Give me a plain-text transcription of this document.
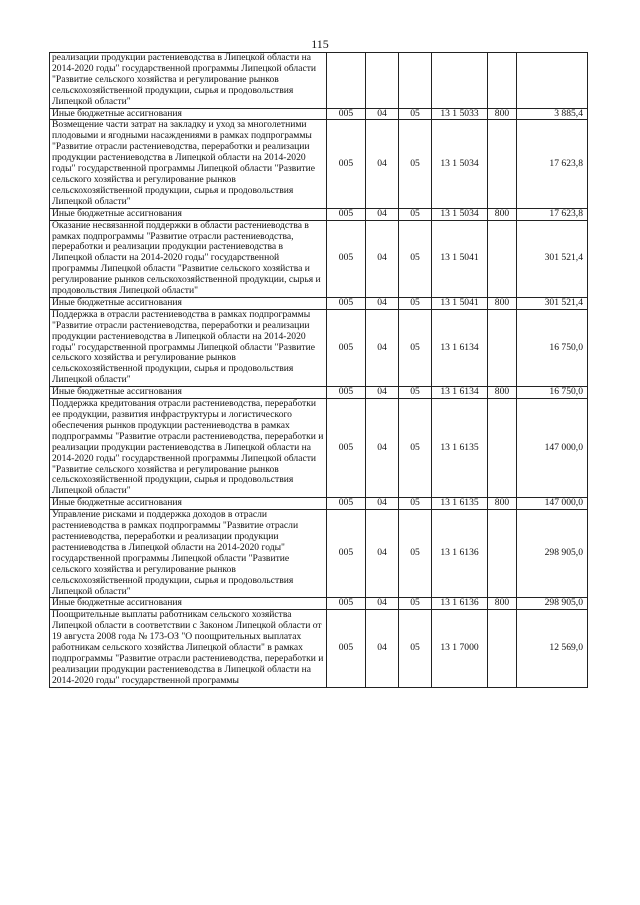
115
реализации продукции растениеводства в Липецкой области на 2014-2020 годы" государственной программы Липецкой области "Развитие сельского хозяйства и регулирование рынков сельскохозяйственной продукции, сырья и продовольствия Липецкой области"						
Иные бюджетные ассигнования	005	04	05	13 1 5033	800	3 885,4
Возмещение части затрат на закладку и уход за многолетними плодовыми и ягодными насаждениями в рамках подпрограммы "Развитие отрасли растениеводства, переработки и реализации продукции растениеводства в Липецкой области на 2014-2020 годы" государственной программы Липецкой области "Развитие сельского хозяйства и регулирование рынков сельскохозяйственной продукции, сырья и продовольствия Липецкой области"	005	04	05	13 1 5034		17 623,8
Иные бюджетные ассигнования	005	04	05	13 1 5034	800	17 623,8
Оказание несвязанной поддержки в области растениеводства в рамках подпрограммы "Развитие отрасли растениеводства, переработки и реализации продукции растениеводства в Липецкой области на 2014-2020 годы" государственной программы Липецкой области "Развитие сельского хозяйства и регулирование рынков сельскохозяйственной продукции, сырья и продовольствия Липецкой области"	005	04	05	13 1 5041		301 521,4
Иные бюджетные ассигнования	005	04	05	13 1 5041	800	301 521,4
Поддержка в отрасли растениеводства в рамках подпрограммы "Развитие отрасли растениеводства, переработки и реализации продукции растениеводства в Липецкой области на 2014-2020 годы" государственной программы Липецкой области "Развитие сельского хозяйства и регулирование рынков сельскохозяйственной продукции, сырья и продовольствия Липецкой области"	005	04	05	13 1 6134		16 750,0
Иные бюджетные ассигнования	005	04	05	13 1 6134	800	16 750,0
Поддержка кредитования отрасли растениеводства, переработки ее продукции, развития инфраструктуры и логистического обеспечения рынков продукции растениеводства в рамках подпрограммы "Развитие отрасли растениеводства, переработки и реализации продукции растениеводства в Липецкой области на 2014-2020 годы" государственной программы Липецкой области "Развитие сельского хозяйства и регулирование рынков сельскохозяйственной продукции, сырья и продовольствия Липецкой области"	005	04	05	13 1 6135		147 000,0
Иные бюджетные ассигнования	005	04	05	13 1 6135	800	147 000,0
Управление рисками и поддержка доходов в отрасли растениеводства в рамках подпрограммы "Развитие отрасли растениеводства, переработки и реализации продукции растениеводства в Липецкой области на 2014-2020 годы" государственной программы Липецкой области "Развитие сельского хозяйства и регулирование рынков сельскохозяйственной продукции, сырья и продовольствия Липецкой области"	005	04	05	13 1 6136		298 905,0
Иные бюджетные ассигнования	005	04	05	13 1 6136	800	298 905,0
Поощрительные выплаты работникам сельского хозяйства Липецкой области в соответствии с Законом Липецкой области от 19 августа 2008 года № 173-ОЗ "О поощрительных выплатах работникам сельского хозяйства Липецкой области" в рамках подпрограммы "Развитие отрасли растениеводства, переработки и реализации продукции растениеводства в Липецкой области на 2014-2020 годы" государственной программы	005	04	05	13 1 7000		12 569,0
